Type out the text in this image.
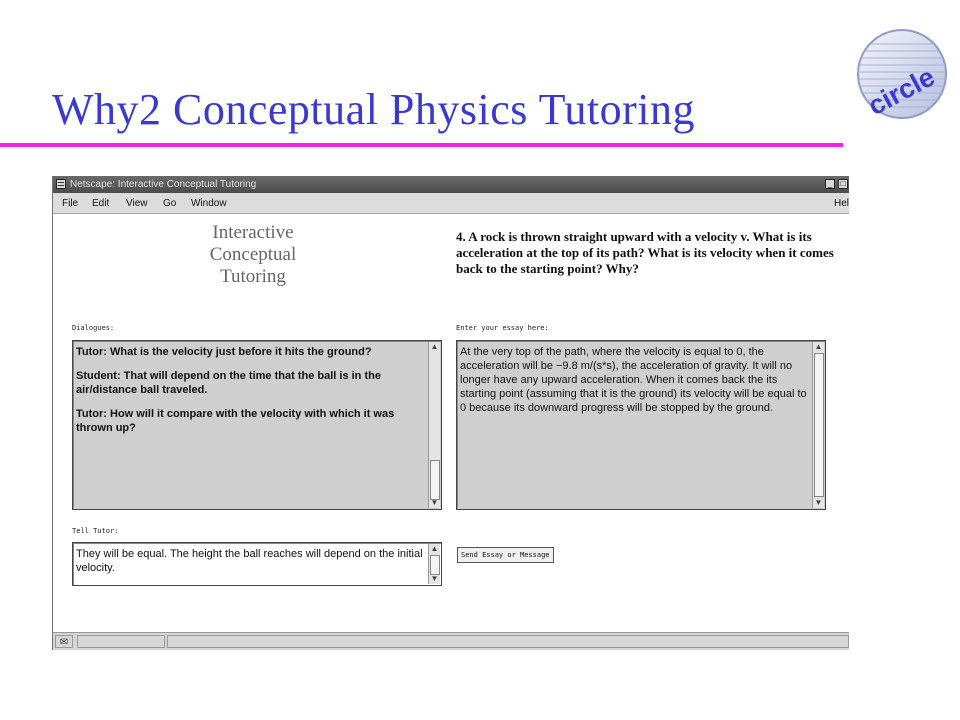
Why2 Conceptual Physics Tutoring	circle
Netscape: Interactive Conceptual Tutoring	_	□
File Edit View Go Window	Hel
Interactive
Conceptual
Tutoring
4. A rock is thrown straight upward with a velocity v. What is its acceleration at the top of its path? What is its velocity when it comes back to the starting point? Why?
Dialogues:

Tutor: What is the velocity just before it hits the ground?

Student: That will depend on the time that the ball is in the air/distance ball traveled.

Tutor: How will it compare with the velocity with which it was thrown up?

▲
▼
Enter your essay here:
At the very top of the path, where the velocity is equal to 0, the acceleration will be −9.8 m/(s*s), the acceleration of gravity. It will no longer have any upward acceleration. When it comes back the its starting point (assuming that it is the ground) its velocity will be equal to 0 because its downward progress will be stopped by the ground.
▲
▼
Tell Tutor:
They will be equal. The height the ball reaches will depend on the initial velocity.
▲
▼
Send Essay or Message
✉
